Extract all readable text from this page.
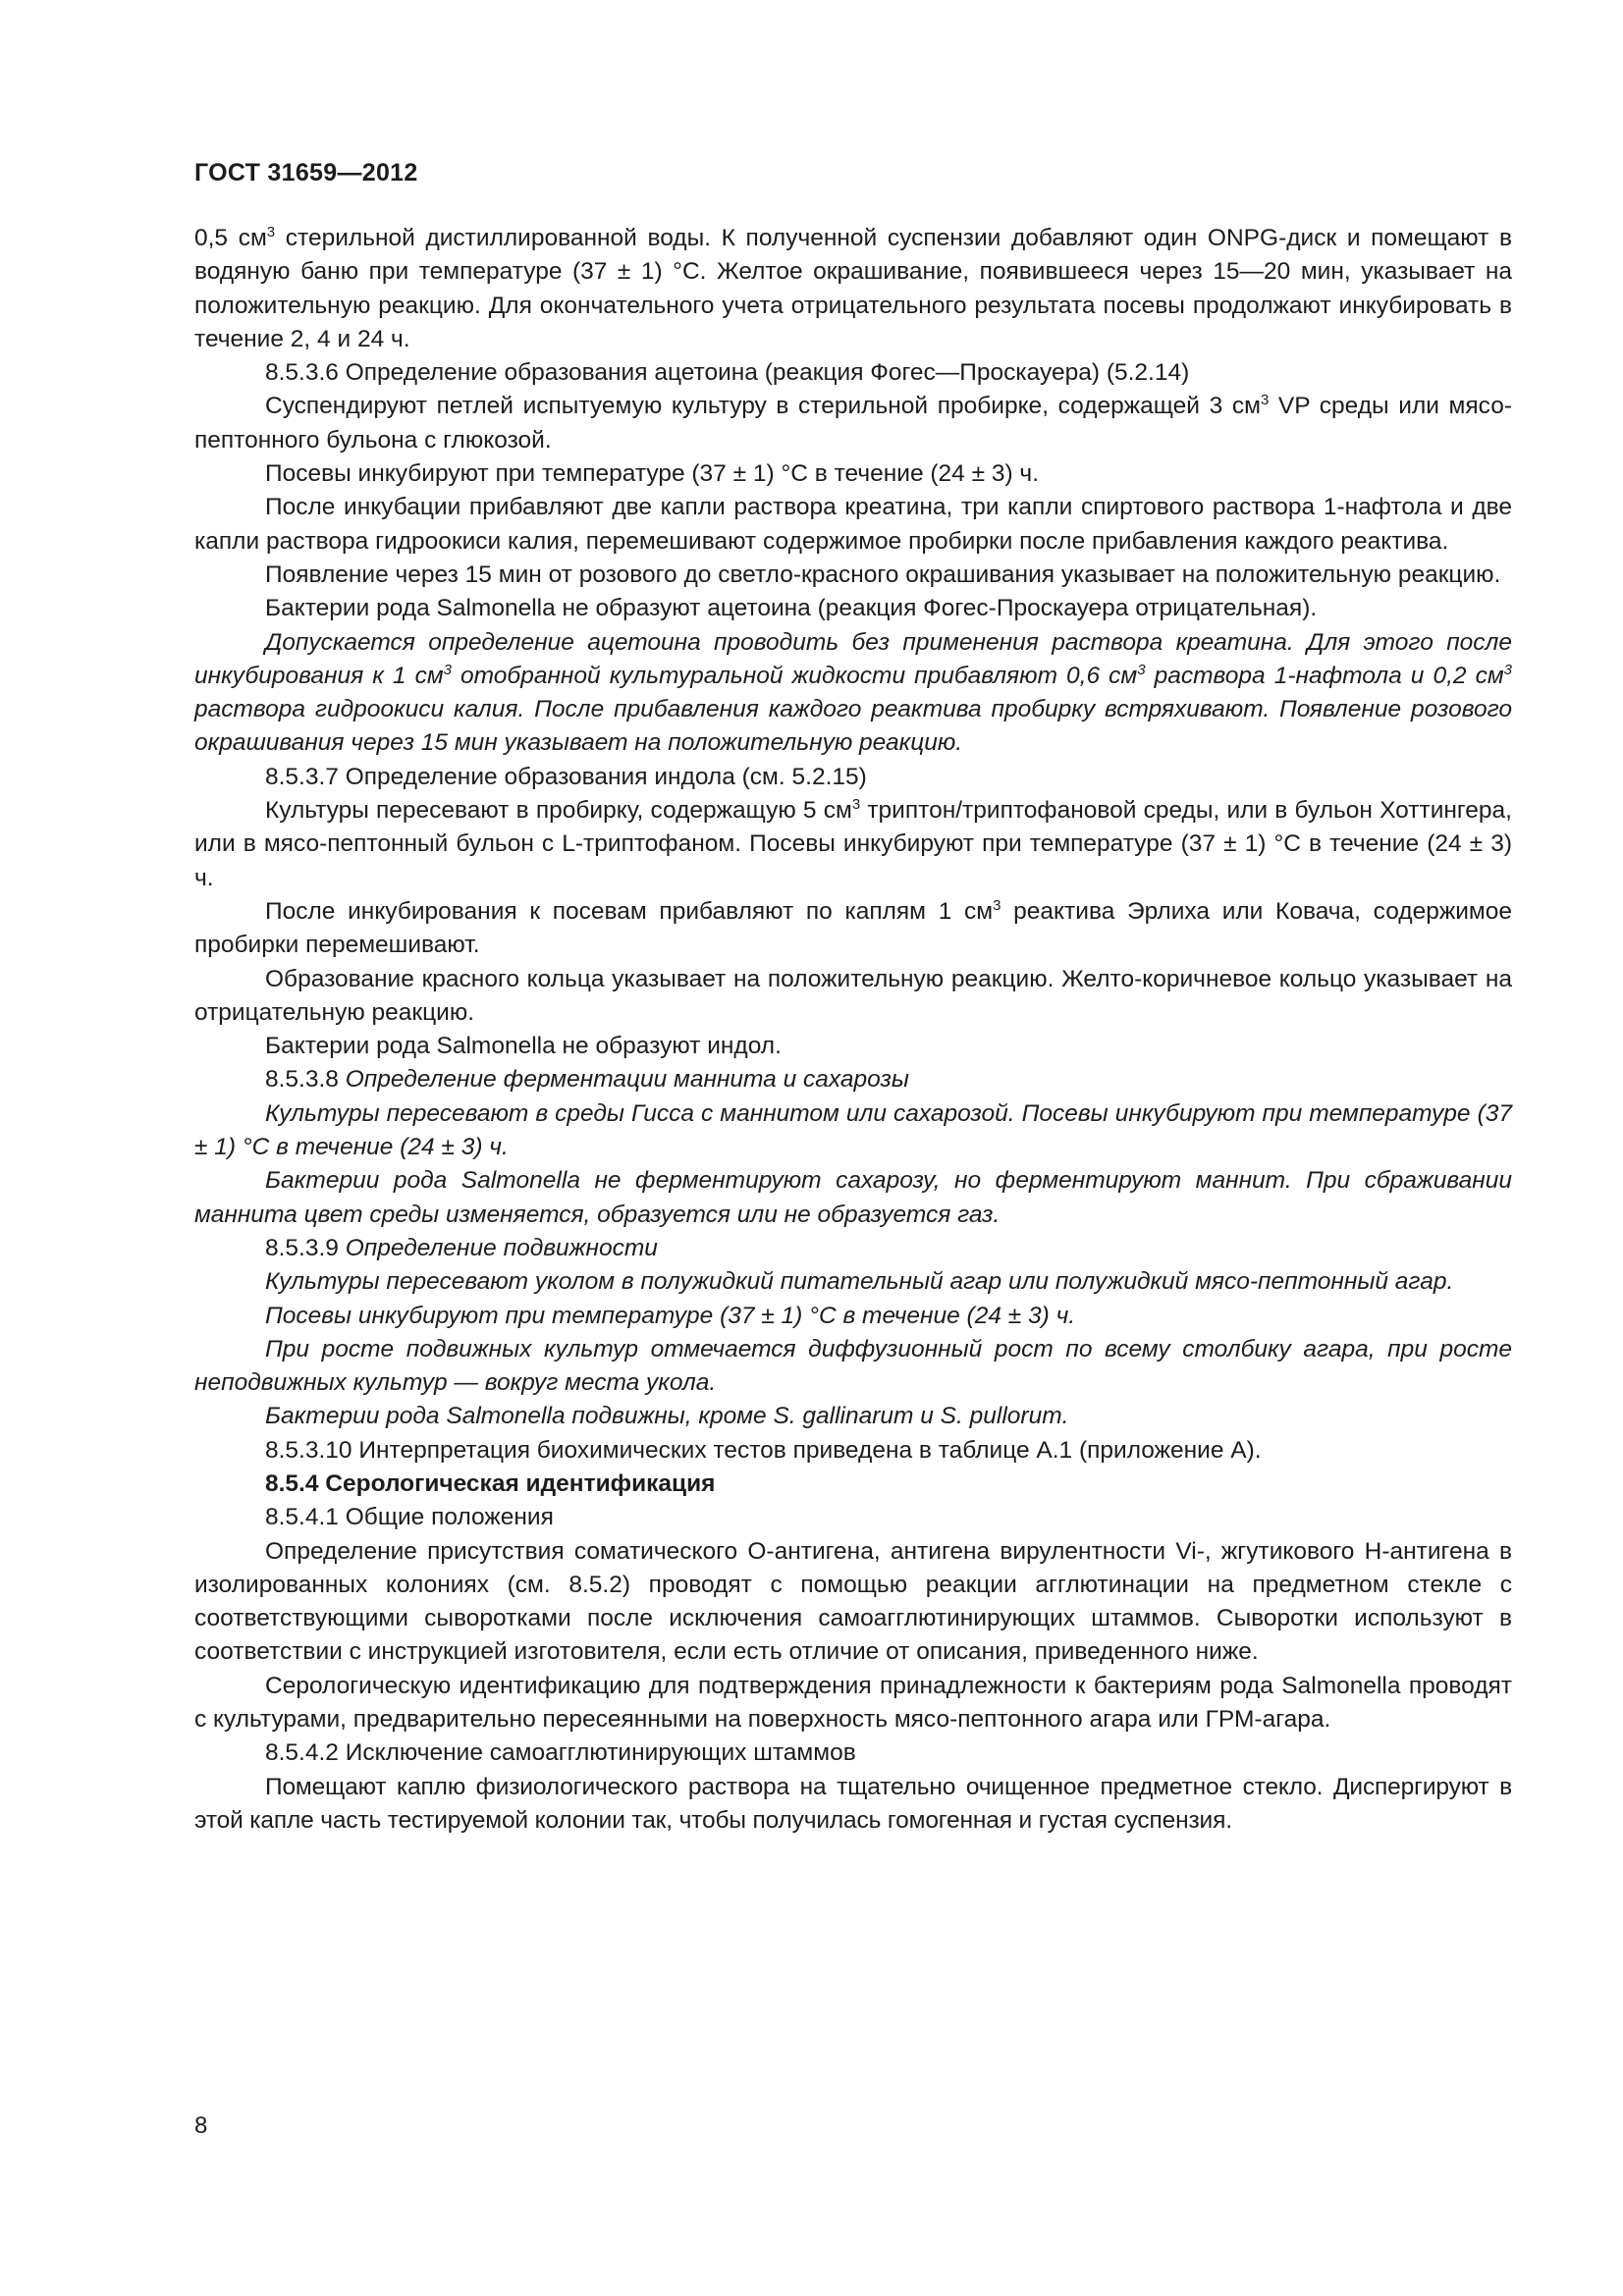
ГОСТ 31659—2012

0,5 $см^3$ стерильной дистиллированной воды. К полученной суспензии добавляют один ONPG-диск и помещают в водяную баню при температуре (37 ± 1) °С. Желтое окрашивание, появившееся через 15—20 мин, указывает на положительную реакцию. Для окончательного учета отрицательного результата посевы продолжают инкубировать в течение 2, 4 и 24 ч.

8.5.3.6 Определение образования ацетоина (реакция Фогес—Проскауера) (5.2.14)

Суспендируют петлей испытуемую культуру в стерильной пробирке, содержащей 3 $см^3$ VP среды или мясо-пептонного бульона с глюкозой.

Посевы инкубируют при температуре (37 ± 1) °С в течение (24 ± 3) ч.

После инкубации прибавляют две капли раствора креатина, три капли спиртового раствора 1-нафтола и две капли раствора гидроокиси калия, перемешивают содержимое пробирки после прибавления каждого реактива.

Появление через 15 мин от розового до светло-красного окрашивания указывает на положительную реакцию.

Бактерии рода Salmonella не образуют ацетоина (реакция Фогес-Проскауера отрицательная).

Допускается определение ацетоина проводить без применения раствора креатина. Для этого после инкубирования к 1 $см^3$ отобранной культуральной жидкости прибавляют 0,6 $см^3$ раствора 1-нафтола и 0,2 $см^3$ раствора гидроокиси калия. После прибавления каждого реактива пробирку встряхивают. Появление розового окрашивания через 15 мин указывает на положительную реакцию.

8.5.3.7 Определение образования индола (см. 5.2.15)

Культуры пересевают в пробирку, содержащую 5 $см^3$ триптон/триптофановой среды, или в бульон Хоттингера, или в мясо-пептонный бульон с L-триптофаном. Посевы инкубируют при температуре (37 ± 1) °С в течение (24 ± 3) ч.

После инкубирования к посевам прибавляют по каплям 1 $см^3$ реактива Эрлиха или Ковача, содержимое пробирки перемешивают.

Образование красного кольца указывает на положительную реакцию. Желто-коричневое кольцо указывает на отрицательную реакцию.

Бактерии рода Salmonella не образуют индол.

8.5.3.8 Определение ферментации маннита и сахарозы

Культуры пересевают в среды Гисса с маннитом или сахарозой. Посевы инкубируют при температуре (37 ± 1) °С в течение (24 ± 3) ч.

Бактерии рода Salmonella не ферментируют сахарозу, но ферментируют маннит. При сбраживании маннита цвет среды изменяется, образуется или не образуется газ.

8.5.3.9 Определение подвижности

Культуры пересевают уколом в полужидкий питательный агар или полужидкий мясо-пептонный агар.

Посевы инкубируют при температуре (37 ± 1) °С в течение (24 ± 3) ч.

При росте подвижных культур отмечается диффузионный рост по всему столбику агара, при росте неподвижных культур — вокруг места укола.

Бактерии рода Salmonella подвижны, кроме S. gallinarum и S. pullorum.

8.5.3.10 Интерпретация биохимических тестов приведена в таблице А.1 (приложение А).

8.5.4 Серологическая идентификация

8.5.4.1 Общие положения

Определение присутствия соматического О-антигена, антигена вирулентности Vi-, жгутикового Н-антигена в изолированных колониях (см. 8.5.2) проводят с помощью реакции агглютинации на предметном стекле с соответствующими сыворотками после исключения самоагглютинирующих штаммов. Сыворотки используют в соответствии с инструкцией изготовителя, если есть отличие от описания, приведенного ниже.

Серологическую идентификацию для подтверждения принадлежности к бактериям рода Salmonella проводят с культурами, предварительно пересеянными на поверхность мясо-пептонного агара или ГРМ-агара.

8.5.4.2 Исключение самоагглютинирующих штаммов

Помещают каплю физиологического раствора на тщательно очищенное предметное стекло. Диспергируют в этой капле часть тестируемой колонии так, чтобы получилась гомогенная и густая суспензия.

8
